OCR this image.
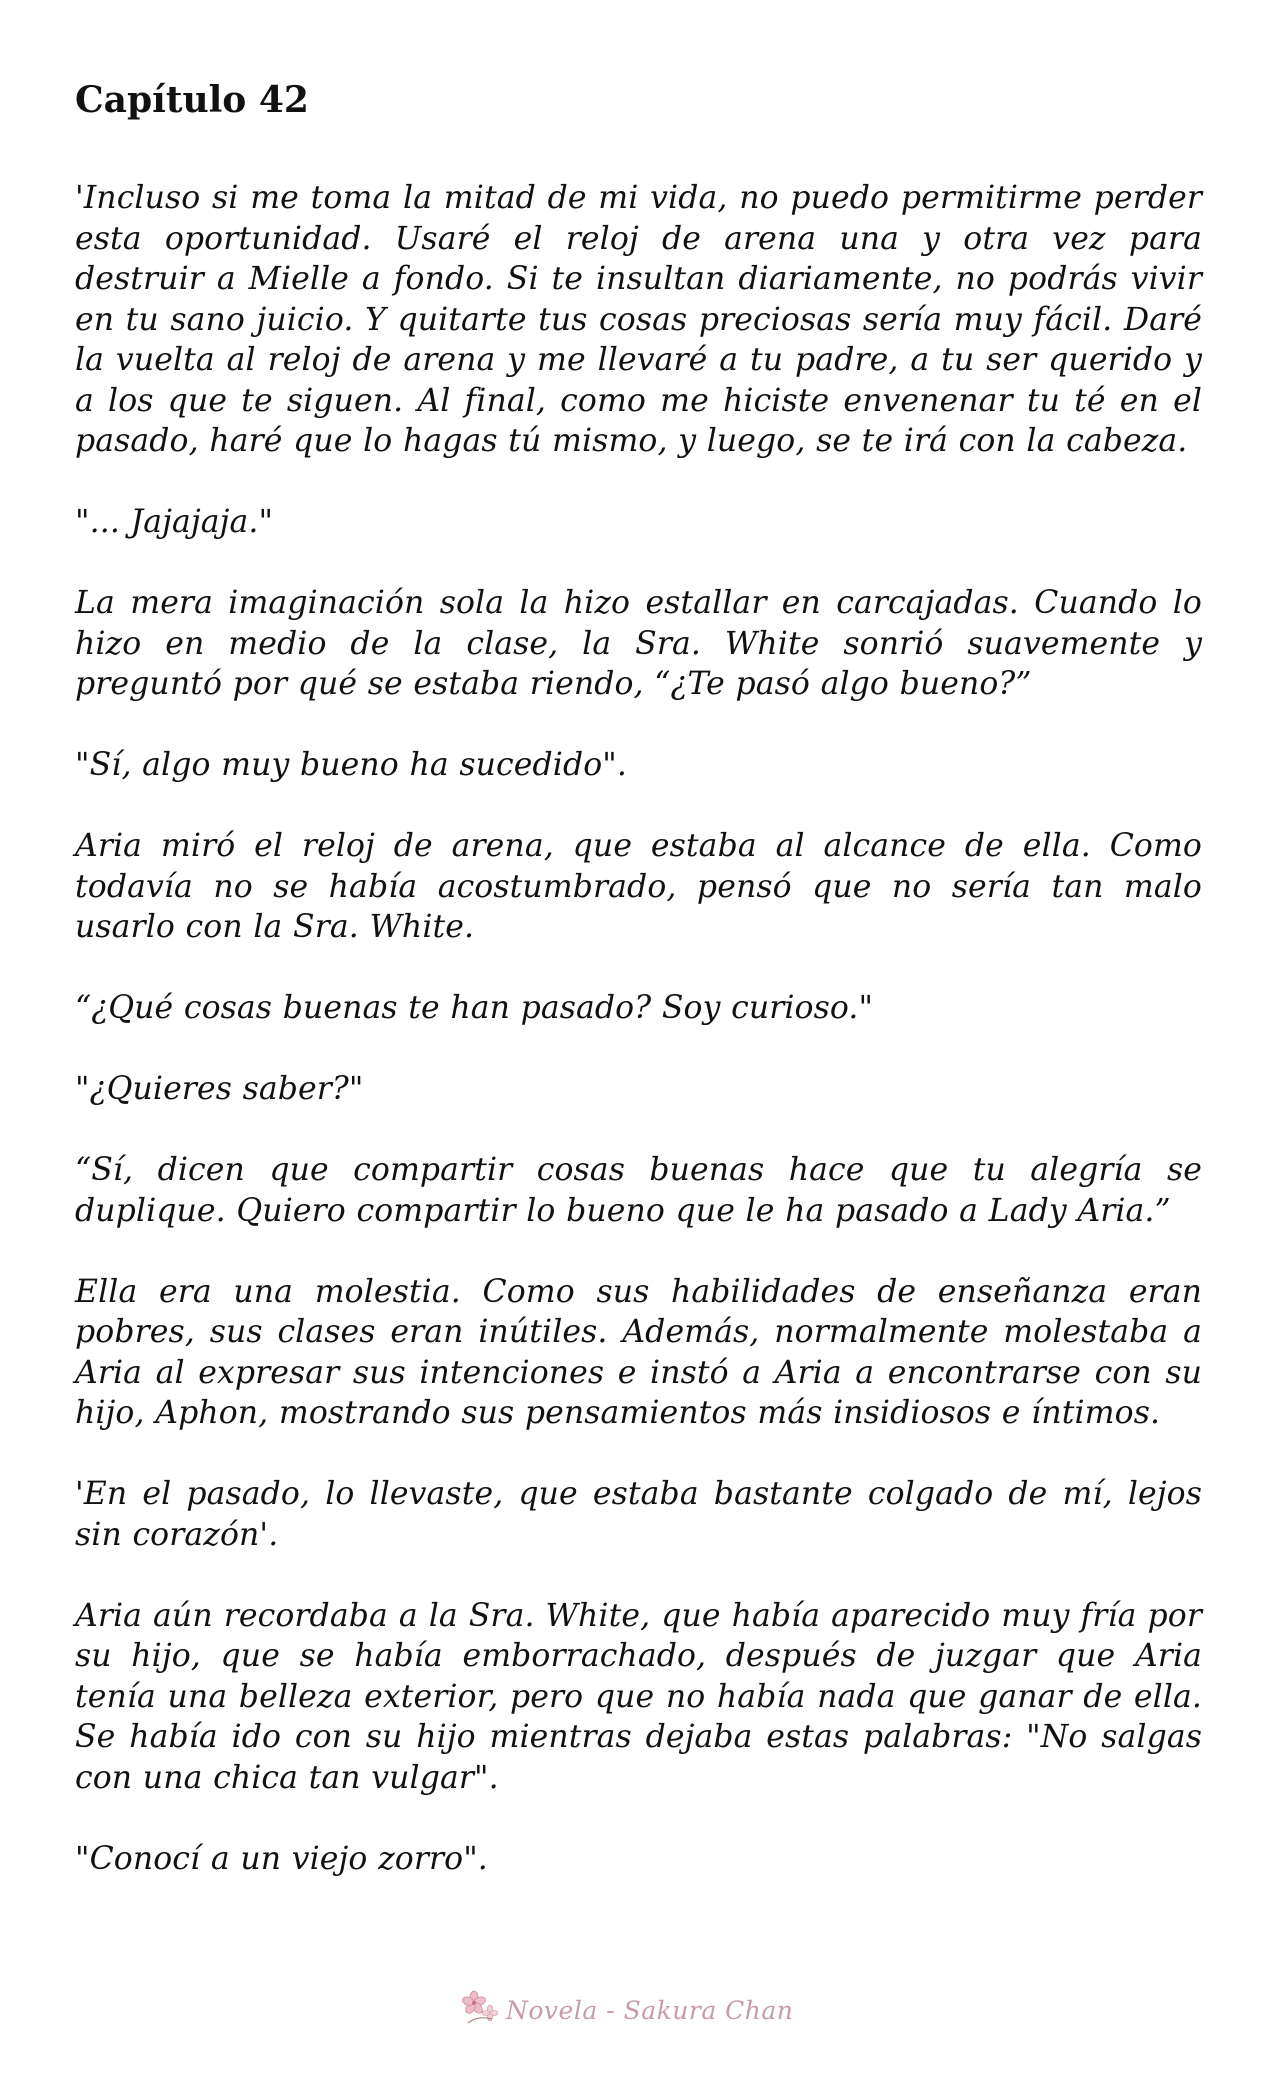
Capítulo 42

'Incluso si me toma la mitad de mi vida, no puedo permitirme perder esta oportunidad. Usaré el reloj de arena una y otra vez para destruir a Mielle a fondo. Si te insultan diariamente, no podrás vivir en tu sano juicio. Y quitarte tus cosas preciosas sería muy fácil. Daré la vuelta al reloj de arena y me llevaré a tu padre, a tu ser querido y a los que te siguen. Al final, como me hiciste envenenar tu té en el pasado, haré que lo hagas tú mismo, y luego, se te irá con la cabeza.

"... Jajajaja."

La mera imaginación sola la hizo estallar en carcajadas. Cuando lo hizo en medio de la clase, la Sra. White sonrió suavemente y preguntó por qué se estaba riendo, “¿Te pasó algo bueno?”

"Sí, algo muy bueno ha sucedido".

Aria miró el reloj de arena, que estaba al alcance de ella. Como todavía no se había acostumbrado, pensó que no sería tan malo usarlo con la Sra. White.

“¿Qué cosas buenas te han pasado? Soy curioso."

"¿Quieres saber?"

“Sí, dicen que compartir cosas buenas hace que tu alegría se duplique. Quiero compartir lo bueno que le ha pasado a Lady Aria.”

Ella era una molestia. Como sus habilidades de enseñanza eran pobres, sus clases eran inútiles. Además, normalmente molestaba a Aria al expresar sus intenciones e instó a Aria a encontrarse con su hijo, Aphon, mostrando sus pensamientos más insidiosos e íntimos.

'En el pasado, lo llevaste, que estaba bastante colgado de mí, lejos sin corazón'.

Aria aún recordaba a la Sra. White, que había aparecido muy fría por su hijo, que se había emborrachado, después de juzgar que Aria tenía una belleza exterior, pero que no había nada que ganar de ella. Se había ido con su hijo mientras dejaba estas palabras: "No salgas con una chica tan vulgar".

"Conocí a un viejo zorro".

Novela - Sakura Chan
